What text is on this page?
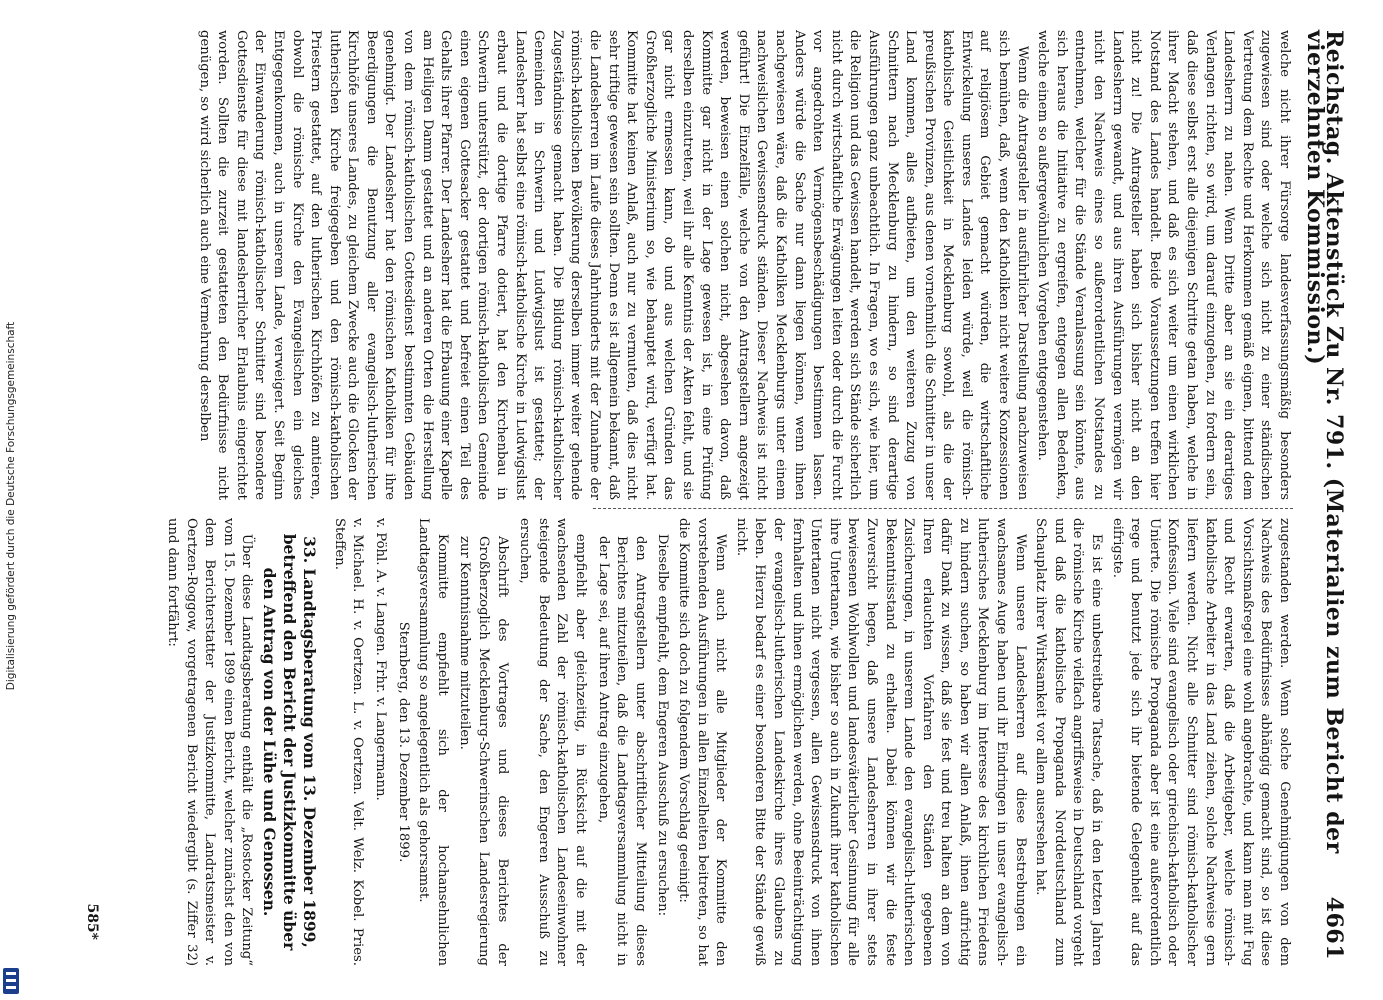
Digitalisierung gefördert durch die Deutsche Forschungsgemeinschaft	Reichstag. Aktenstück Zu Nr. 791. (Materialien zum Bericht der vierzehnten Kommission.)
4661

welche nicht ihrer Fürsorge landesverfassungsmäßig besonders zugewiesen sind oder welche sich nicht zu einer ständischen Vertretung dem Rechte und Herkommen gemäß eignen, bittend dem Landesherrn zu nahen. Wenn Dritte aber an sie ein derartiges Verlangen richten, so wird, um darauf einzugehen, zu fordern sein, daß diese selbst erst alle diejenigen Schritte getan haben, welche in ihrer Macht stehen, und daß es sich weiter um einen wirklichen Notstand des Landes handelt. Beide Voraussetzungen treffen hier nicht zu! Die Antragsteller haben sich bisher nicht an den Landesherrn gewandt, und aus ihren Ausführungen vermögen wir nicht den Nachweis eines so außerordentlichen Notstandes zu entnehmen, welcher für die Stände Veranlassung sein könnte, aus sich heraus die Initiative zu ergreifen, entgegen allen Bedenken, welche einem so außergewöhnlichen Vorgehen entgegenstehen.

Wenn die Antragsteller in ausführlicher Darstellung nachzuweisen sich bemühen, daß, wenn den Katholiken nicht weitere Konzessionen auf religiösem Gebiet gemacht würden, die wirtschaftliche Entwickelung unseres Landes leiden würde, weil die römisch-katholische Geistlichkeit in Mecklenburg sowohl, als die der preußischen Provinzen, aus denen vornehmlich die Schnitter in unser Land kommen, alles aufbieten, um den weiteren Zuzug von Schnittern nach Mecklenburg zu hindern, so sind derartige Ausführungen ganz unbeachtlich. In Fragen, wo es sich, wie hier, um die Religion und das Gewissen handelt, werden sich Stände sicherlich nicht durch wirtschaftliche Erwägungen leiten oder durch die Furcht vor angedrohten Vermögensbeschädigungen bestimmen lassen. Anders würde die Sache nur dann liegen können, wenn ihnen nachgewiesen wäre, daß die Katholiken Mecklenburgs unter einem nachweislichen Gewissensdruck ständen. Dieser Nachweis ist nicht geführt! Die Einzelfälle, welche von den Antragstellern angezeigt werden, beweisen einen solchen nicht, abgesehen davon, daß Kommitte gar nicht in der Lage gewesen ist, in eine Prüfung derselben einzutreten, weil ihr alle Kenntnis der Akten fehlt, und sie gar nicht ermessen kann, ob und aus welchen Gründen das Großherzogliche Ministerium so, wie behauptet wird, verfügt hat. Kommitte hat keinen Anlaß, auch nur zu vermuten, daß dies nicht sehr triftige gewesen sein sollten. Denn es ist allgemein bekannt, daß die Landesherren im Laufe dieses Jahrhunderts mit der Zunahme der römisch-katholischen Bevölkerung derselben immer weiter gehende Zugeständnisse gemacht haben. Die Bildung römisch-katholischer Gemeinden in Schwerin und Ludwigslust ist gestattet; der Landesherr hat selbst eine römisch-katholische Kirche in Ludwigslust erbaut und die dortige Pfarre dotiert, hat den Kirchenbau in Schwerin unterstützt, der dortigen römisch-katholischen Gemeinde einen eigenen Gottesacker gestattet und befreiet einen Teil des Gehalts ihrer Pfarrer. Der Landesherr hat die Erbauung einer Kapelle am Heiligen Damm gestattet und an anderen Orten die Herstellung von dem römisch-katholischen Gottesdienst bestimmten Gebäuden genehmigt. Der Landesherr hat den römischen Katholiken für ihre Beerdigungen die Benutzung aller evangelisch-lutherischen Kirchhöfe unseres Landes, zu gleichem Zwecke auch die Glocken der lutherischen Kirche freigegeben und den römisch-katholischen Priestern gestattet, auf den lutherischen Kirchhöfen zu amtieren, obwohl die römische Kirche den Evangelischen ein gleiches Entgegenkommen, auch in unserem Lande, verweigert. Seit Beginn der Einwanderung römisch-katholischer Schnitter sind besondere Gottesdienste für diese mit landesherrlicher Erlaubnis eingerichtet worden. Sollten die zurzeit gestatteten den Bedürfnisse nicht genügen, so wird sicherlich auch eine Vermehrung derselben

zugestanden werden. Wenn solche Genehmigungen von dem Nachweis des Bedürfnisses abhängig gemacht sind, so ist diese Vorsichtsmaßregel eine wohl angebrachte, und kann man mit Fug und Recht erwarten, daß die Arbeitgeber, welche römisch-katholische Arbeiter in das Land ziehen, solche Nachweise gern liefern werden. Nicht alle Schnitter sind römisch-katholischer Konfession. Viele sind evangelisch oder griechisch-katholisch oder Unierte. Die römische Propaganda aber ist eine außerordentlich rege und benutzt jede sich ihr bietende Gelegenheit auf das eifrigste.

Es ist eine unbestreitbare Tatsache, daß in den letzten Jahren die römische Kirche vielfach angriffsweise in Deutschland vorgeht und daß die katholische Propaganda Norddeutschland zum Schauplatz ihrer Wirksamkeit vor allem ausersehen hat.

Wenn unsere Landesherren auf diese Bestrebungen ein wachsames Auge haben und ihr Eindringen in unser evangelisch-lutherisches Mecklenburg im Interesse des kirchlichen Friedens zu hindern suchen, so haben wir allen Anlaß, ihnen aufrichtig dafür Dank zu wissen, daß sie fest und treu halten an dem von Ihren erlauchten Vorfahren den Ständen gegebenen Zusicherungen, in unserem Lande den evangelisch-lutherischen Bekenntnisstand zu erhalten. Dabei können wir die feste Zuversicht hegen, daß unsere Landesherren in ihrer stets bewiesenen Wohlwollen und landesväterlicher Gesinnung für alle ihre Untertanen, wie bisher so auch in Zukunft ihrer katholischen Untertanen nicht vergessen, allen Gewissensdruck von ihnen fernhalten und ihnen ermöglichen werden, ohne Beeinträchtigung der evangelisch-lutherischen Landeskirche ihres Glaubens zu leben. Hierzu bedarf es einer besonderen Bitte der Stände gewiß nicht.

Wenn auch nicht alle Mitglieder der Kommitte den vorstehenden Ausführungen in allen Einzelheiten beitreten, so hat die Kommitte sich doch zu folgendem Vorschlag geeinigt:

Dieselbe empfiehlt, dem Engeren Ausschuß zu ersuchen:

den Antragstellern unter abschriftlicher Mitteilung dieses Berichtes mitzuteilen, daß die Landtagsversammlung nicht in der Lage sei, auf ihren Antrag einzugehen,

empfiehlt aber gleichzeitig, in Rücksicht auf die mit der wachsenden Zahl der römisch-katholischen Landeseinwohner steigende Bedeutung der Sache, den Engeren Ausschuß zu ersuchen,

Abschrift des Vortrages und dieses Berichtes der Großherzoglich Mecklenburg-Schwerinschen Landesregierung zur Kenntnisnahme mitzuteilen.

Kommitte empfiehlt sich der hochansehnlichen Landtagsversammlung so angelegentlich als gehorsamst.

Sternberg, den 13. Dezember 1899.

v. Pöhl. A. v. Langen. Frhr. v. Langermann.

v. Michael. H. v. Oertzen. L. v. Oertzen. Velt. Welz. Kobel. Pries. Steffen.

33. Landtagsberatung vom 13. Dezember 1899, betreffend den Bericht der Justizkommitte über den Antrag von der Lühe und Genossen.

Über diese Landtagsberatung enthält die „Rostocker Zeitung“ vom 15. Dezember 1899 einen Bericht, welcher zunächst den von dem Berichterstatter der Justizkommitte, Landratsmeister v. Oertzen-Roggow, vorgetragenen Bericht wiedergibt (s. Ziffer 32) und dann fortfährt:

585*
